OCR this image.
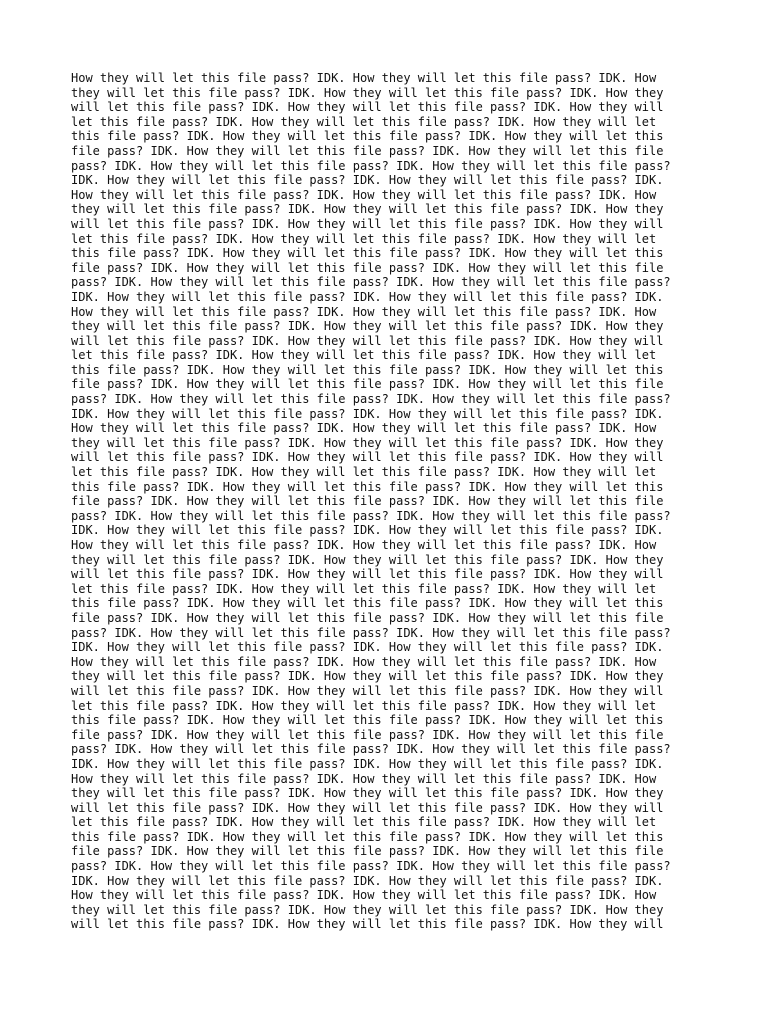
How they will let this file pass? IDK. How they will let this file pass? IDK. How
they will let this file pass? IDK. How they will let this file pass? IDK. How they
will let this file pass? IDK. How they will let this file pass? IDK. How they will
let this file pass? IDK. How they will let this file pass? IDK. How they will let
this file pass? IDK. How they will let this file pass? IDK. How they will let this
file pass? IDK. How they will let this file pass? IDK. How they will let this file
pass? IDK. How they will let this file pass? IDK. How they will let this file pass?
IDK. How they will let this file pass? IDK. How they will let this file pass? IDK.
How they will let this file pass? IDK. How they will let this file pass? IDK. How
they will let this file pass? IDK. How they will let this file pass? IDK. How they
will let this file pass? IDK. How they will let this file pass? IDK. How they will
let this file pass? IDK. How they will let this file pass? IDK. How they will let
this file pass? IDK. How they will let this file pass? IDK. How they will let this
file pass? IDK. How they will let this file pass? IDK. How they will let this file
pass? IDK. How they will let this file pass? IDK. How they will let this file pass?
IDK. How they will let this file pass? IDK. How they will let this file pass? IDK.
How they will let this file pass? IDK. How they will let this file pass? IDK. How
they will let this file pass? IDK. How they will let this file pass? IDK. How they
will let this file pass? IDK. How they will let this file pass? IDK. How they will
let this file pass? IDK. How they will let this file pass? IDK. How they will let
this file pass? IDK. How they will let this file pass? IDK. How they will let this
file pass? IDK. How they will let this file pass? IDK. How they will let this file
pass? IDK. How they will let this file pass? IDK. How they will let this file pass?
IDK. How they will let this file pass? IDK. How they will let this file pass? IDK.
How they will let this file pass? IDK. How they will let this file pass? IDK. How
they will let this file pass? IDK. How they will let this file pass? IDK. How they
will let this file pass? IDK. How they will let this file pass? IDK. How they will
let this file pass? IDK. How they will let this file pass? IDK. How they will let
this file pass? IDK. How they will let this file pass? IDK. How they will let this
file pass? IDK. How they will let this file pass? IDK. How they will let this file
pass? IDK. How they will let this file pass? IDK. How they will let this file pass?
IDK. How they will let this file pass? IDK. How they will let this file pass? IDK.
How they will let this file pass? IDK. How they will let this file pass? IDK. How
they will let this file pass? IDK. How they will let this file pass? IDK. How they
will let this file pass? IDK. How they will let this file pass? IDK. How they will
let this file pass? IDK. How they will let this file pass? IDK. How they will let
this file pass? IDK. How they will let this file pass? IDK. How they will let this
file pass? IDK. How they will let this file pass? IDK. How they will let this file
pass? IDK. How they will let this file pass? IDK. How they will let this file pass?
IDK. How they will let this file pass? IDK. How they will let this file pass? IDK.
How they will let this file pass? IDK. How they will let this file pass? IDK. How
they will let this file pass? IDK. How they will let this file pass? IDK. How they
will let this file pass? IDK. How they will let this file pass? IDK. How they will
let this file pass? IDK. How they will let this file pass? IDK. How they will let
this file pass? IDK. How they will let this file pass? IDK. How they will let this
file pass? IDK. How they will let this file pass? IDK. How they will let this file
pass? IDK. How they will let this file pass? IDK. How they will let this file pass?
IDK. How they will let this file pass? IDK. How they will let this file pass? IDK.
How they will let this file pass? IDK. How they will let this file pass? IDK. How
they will let this file pass? IDK. How they will let this file pass? IDK. How they
will let this file pass? IDK. How they will let this file pass? IDK. How they will
let this file pass? IDK. How they will let this file pass? IDK. How they will let
this file pass? IDK. How they will let this file pass? IDK. How they will let this
file pass? IDK. How they will let this file pass? IDK. How they will let this file
pass? IDK. How they will let this file pass? IDK. How they will let this file pass?
IDK. How they will let this file pass? IDK. How they will let this file pass? IDK.
How they will let this file pass? IDK. How they will let this file pass? IDK. How
they will let this file pass? IDK. How they will let this file pass? IDK. How they
will let this file pass? IDK. How they will let this file pass? IDK. How they will
